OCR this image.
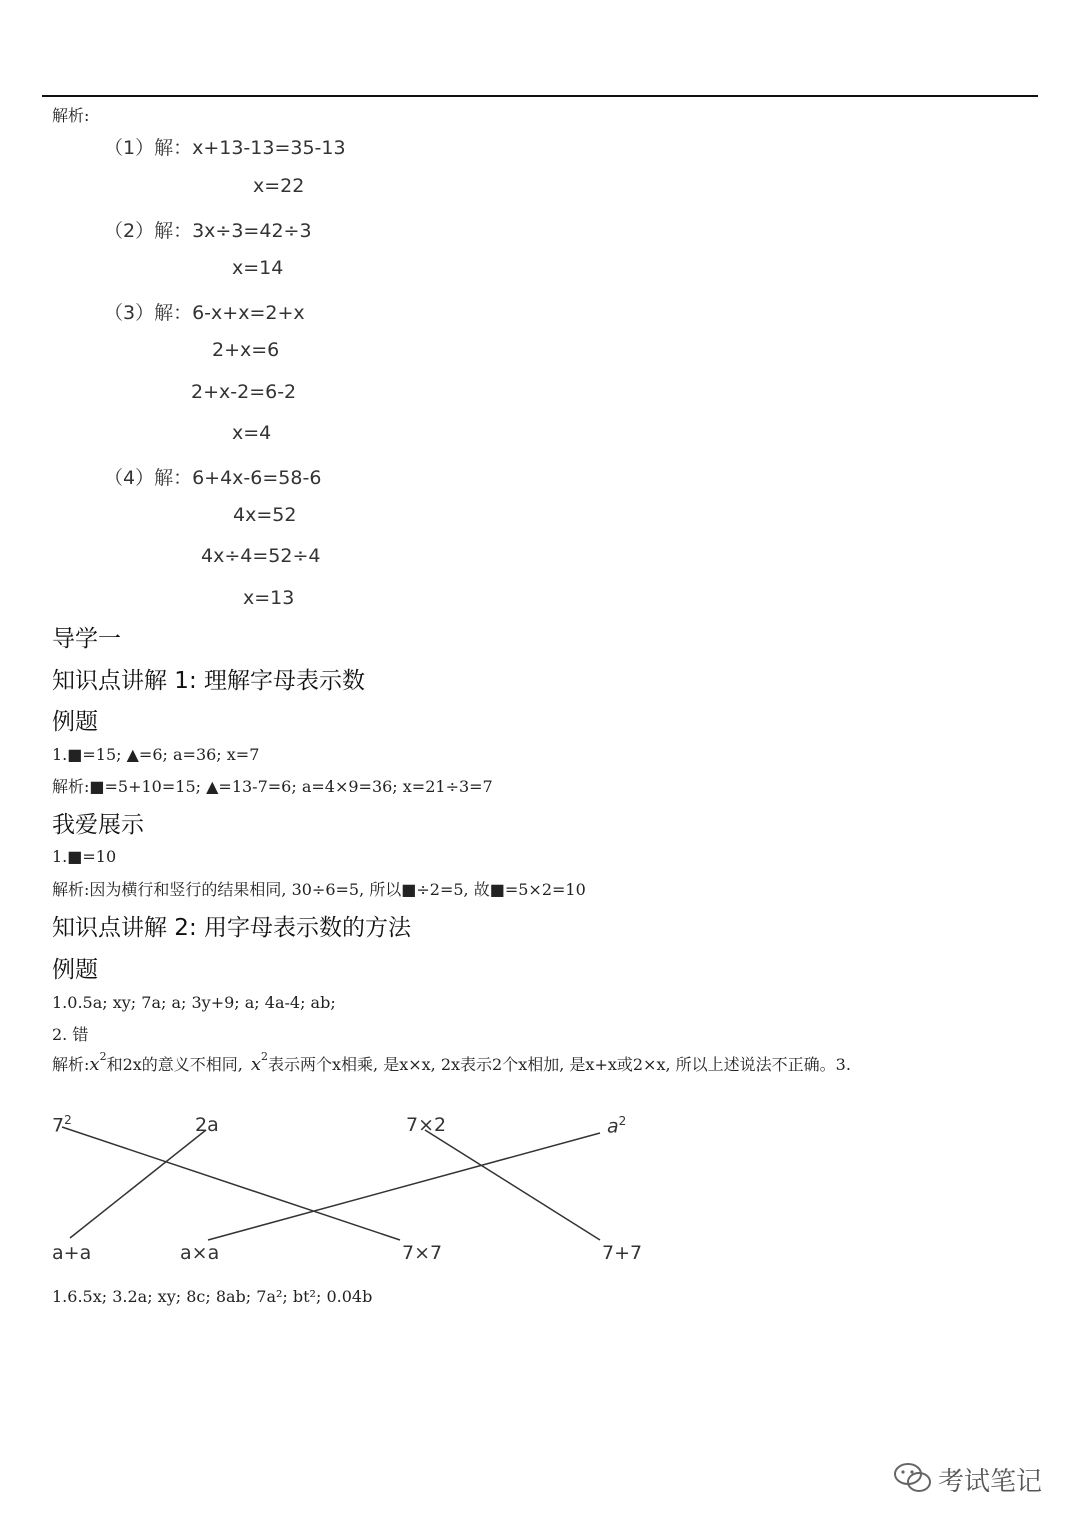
解析:
（1）解：x+13-13=35-13
x=22
（2）解：3x÷3=42÷3
x=14
（3）解：6-x+x=2+x
2+x=6
2+x-2=6-2
x=4
（4）解：6+4x-6=58-6
4x=52
4x÷4=52÷4
x=13
导学一
知识点讲解 1: 理解字母表示数
例题
1.■=15; ▲=6; a=36; x=7
解析:■=5+10=15; ▲=13-7=6; a=4×9=36; x=21÷3=7
我爱展示
1.■=10
解析:因为横行和竖行的结果相同, 30÷6=5, 所以■÷2=5, 故■=5×2=10
知识点讲解 2: 用字母表示数的方法
例题
1.0.5a; xy; 7a; a; 3y+9; a; 4a-4; ab;
2. 错
解析$:x^2$和2x的意义不相同, $x^2$表示两个x相乘, 是x×x, 2x表示2个x相加, 是x+x或2×x, 所以上述说法不正确。3.
$7^2$	2a	7×2	$a^2$
a+a	a×a	7×7	7+7
1.6.5x; 3.2a; xy; 8c; 8ab; 7a²; bt²; 0.04b
考试笔记
